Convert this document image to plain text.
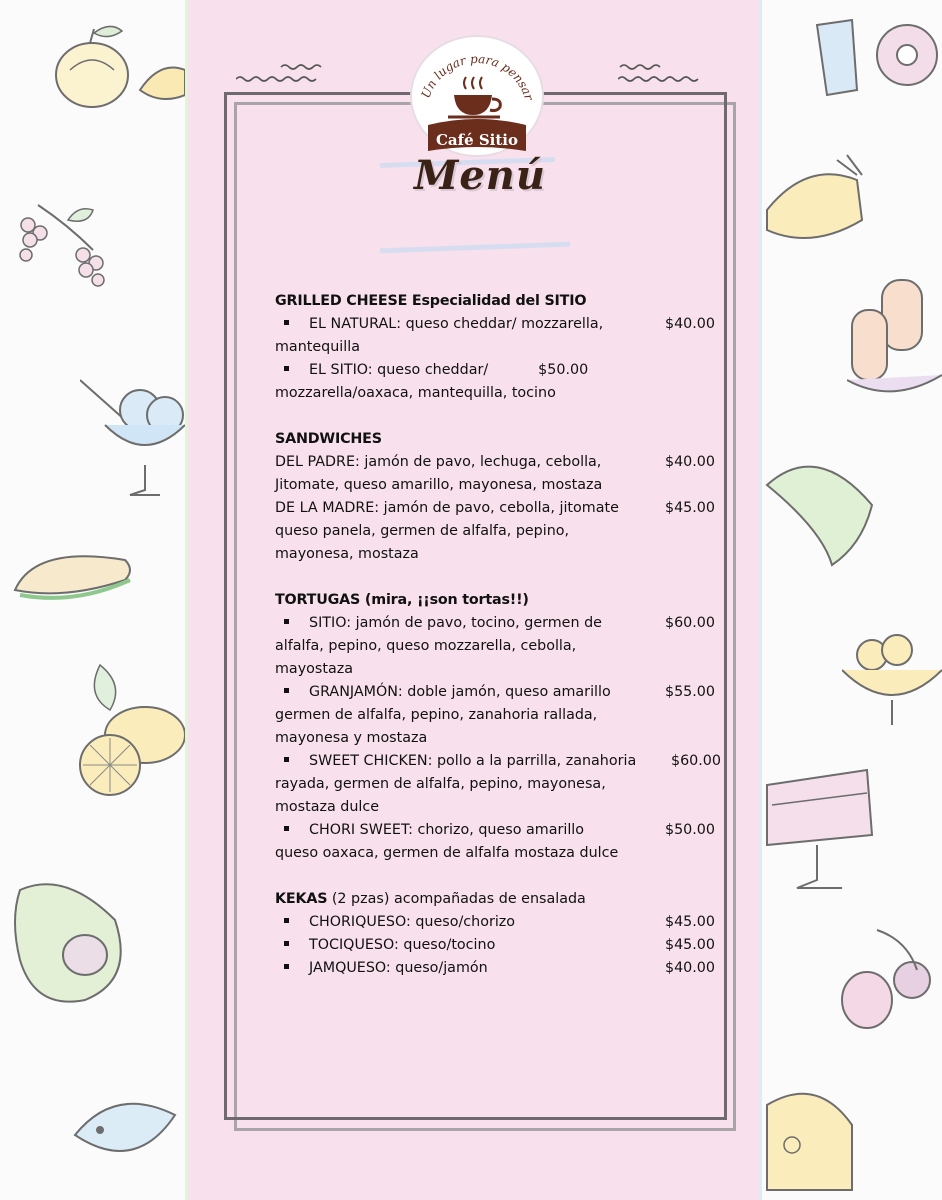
Un lugar para pensar
Café Sitio
Menú
GRILLED CHEESE Especialidad del SITIO
EL NATURAL: queso cheddar/ mozzarella, mantequilla
$40.00
EL SITIO: queso cheddar/	$50.00
mozzarella/oaxaca, mantequilla, tocino
SANDWICHES
DEL PADRE: jamón de pavo, lechuga, cebolla, Jitomate, queso amarillo, mayonesa, mostaza
$40.00
DE LA MADRE: jamón de pavo, cebolla, jitomate queso panela, germen de alfalfa, pepino, mayonesa, mostaza
$45.00
TORTUGAS (mira, ¡¡son tortas!!)
SITIO: jamón de pavo, tocino, germen de alfalfa, pepino, queso mozzarella, cebolla, mayostaza
$60.00
GRANJAMÓN: doble jamón, queso amarillo germen de alfalfa, pepino, zanahoria rallada, mayonesa y mostaza
$55.00
SWEET CHICKEN: pollo a la parrilla, zanahoria rayada, germen de alfalfa, pepino, mayonesa, mostaza dulce
$60.00
CHORI SWEET: chorizo, queso amarillo queso oaxaca, germen de alfalfa mostaza dulce
$50.00
KEKAS (2 pzas) acompañadas de ensalada
CHORIQUESO: queso/chorizo	$45.00
TOCIQUESO: queso/tocino	$45.00
JAMQUESO: queso/jamón	$40.00
